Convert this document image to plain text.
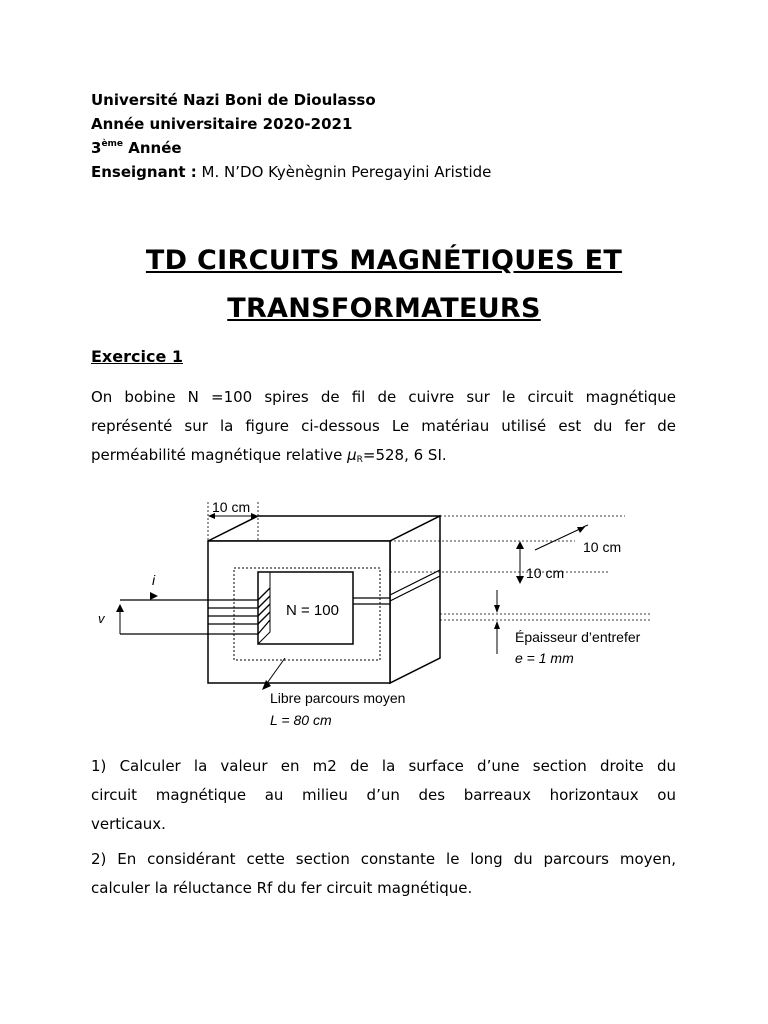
Université Nazi Boni de Dioulasso
Année universitaire 2020-2021
3ème Année
Enseignant : M. N’DO Kyènègnin Peregayini Aristide
TD CIRCUITS MAGNÉTIQUES ET
TRANSFORMATEURS
Exercice 1
On bobine N =100 spires de fil de cuivre sur le circuit magnétique
représenté sur la figure ci-dessous Le matériau utilisé est du fer de
perméabilité magnétique relative μR=528, 6 SI.
i
v	N = 100
10 cm
10 cm
10 cm
Épaisseur d’entrefer
e = 1 mm
Libre parcours moyen
L = 80 cm
1) Calculer la valeur en m2 de la surface d’une section droite du
circuit magnétique au milieu d’un des barreaux horizontaux ou
verticaux.
2) En considérant cette section constante le long du parcours moyen,
calculer la réluctance Rf du fer circuit magnétique.
